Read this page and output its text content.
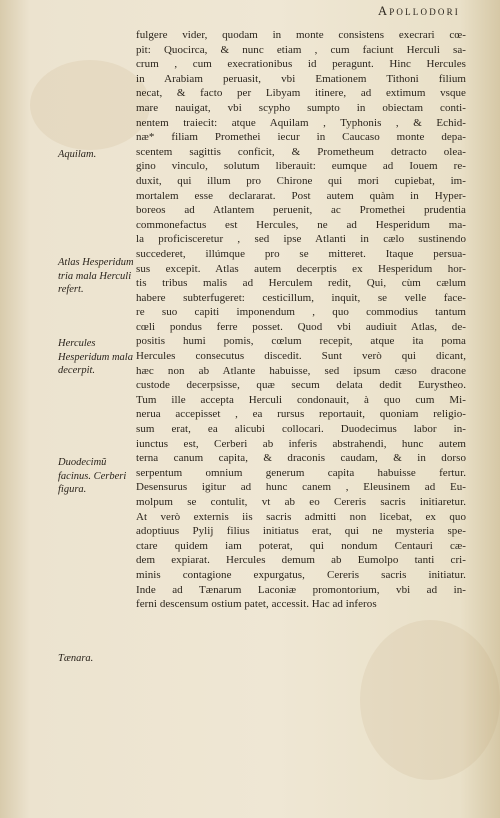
Apollodori
Aquilam.
Atlas Hesperidum tria mala Herculi refert.
Hercules Hesperidum mala decerpit.
Duodecimũ facinus. Cerberi figura.
Tænara.
fulgere vider, quodam in monte consistens execrari cœ-
pit: Quocirca, & nunc etiam , cum faciunt Herculi sa-
crum , cum execrationibus id peragunt. Hinc Hercules
in Arabiam peruasit, vbi Emationem Tithoni filium
necat, & facto per Libyam itinere, ad extimum vsque
mare nauigat, vbi scypho sumpto in obiectam conti-
nentem traiecit: atque Aquilam , Typhonis , & Echid-
næ* filiam Promethei iecur in Caucaso monte depa-
scentem sagittis conficit, & Prometheum detracto olea-
gino vinculo, solutum liberauit: eumque ad Iouem re-
duxit, qui illum pro Chirone qui mori cupiebat, im-
mortalem esse declararat. Post autem quàm in Hyper-
boreos ad Atlantem peruenit, ac Promethei prudentia
commonefactus est Hercules, ne ad Hesperidum ma-
la proficisceretur , sed ipse Atlanti in cælo sustinendo
succederet, illúmque pro se mitteret. Itaque persua-
sus excepit. Atlas autem decerptis ex Hesperidum hor-
tis tribus malis ad Herculem redit, Qui, cùm cælum
habere subterfugeret: cesticillum, inquit, se velle face-
re suo capiti imponendum , quo commodius tantum
cœli pondus ferre posset. Quod vbi audiuit Atlas, de-
positis humi pomis, cœlum recepit, atque ita poma
Hercules consecutus discedit. Sunt verò qui dicant,
hæc non ab Atlante habuisse, sed ipsum cæso dracone
custode decerpsisse, quæ secum delata dedit Eurystheo.
Tum ille accepta Herculi condonauit, à quo cum Mi-
nerua accepisset , ea rursus reportauit, quoniam religio-
sum erat, ea alicubi collocari. Duodecimus labor in-
iunctus est, Cerberi ab inferis abstrahendi, hunc autem
terna canum capita, & draconis caudam, & in dorso
serpentum omnium generum capita habuisse fertur.
Desensurus igitur ad hunc canem , Eleusinem ad Eu-
molpum se contulit, vt ab eo Cereris sacris initiaretur.
At verò externis iis sacris admitti non licebat, ex quo
adoptiuus Pylij filius initiatus erat, qui ne mysteria spe-
ctare quidem iam poterat, qui nondum Centauri cæ-
dem expiarat. Hercules demum ab Eumolpo tanti cri-
minis contagione expurgatus, Cereris sacris initiatur.
Inde ad Tænarum Laconiæ promontorium, vbi ad in-
ferni descensum ostium patet, accessit. Hac ad inferos
